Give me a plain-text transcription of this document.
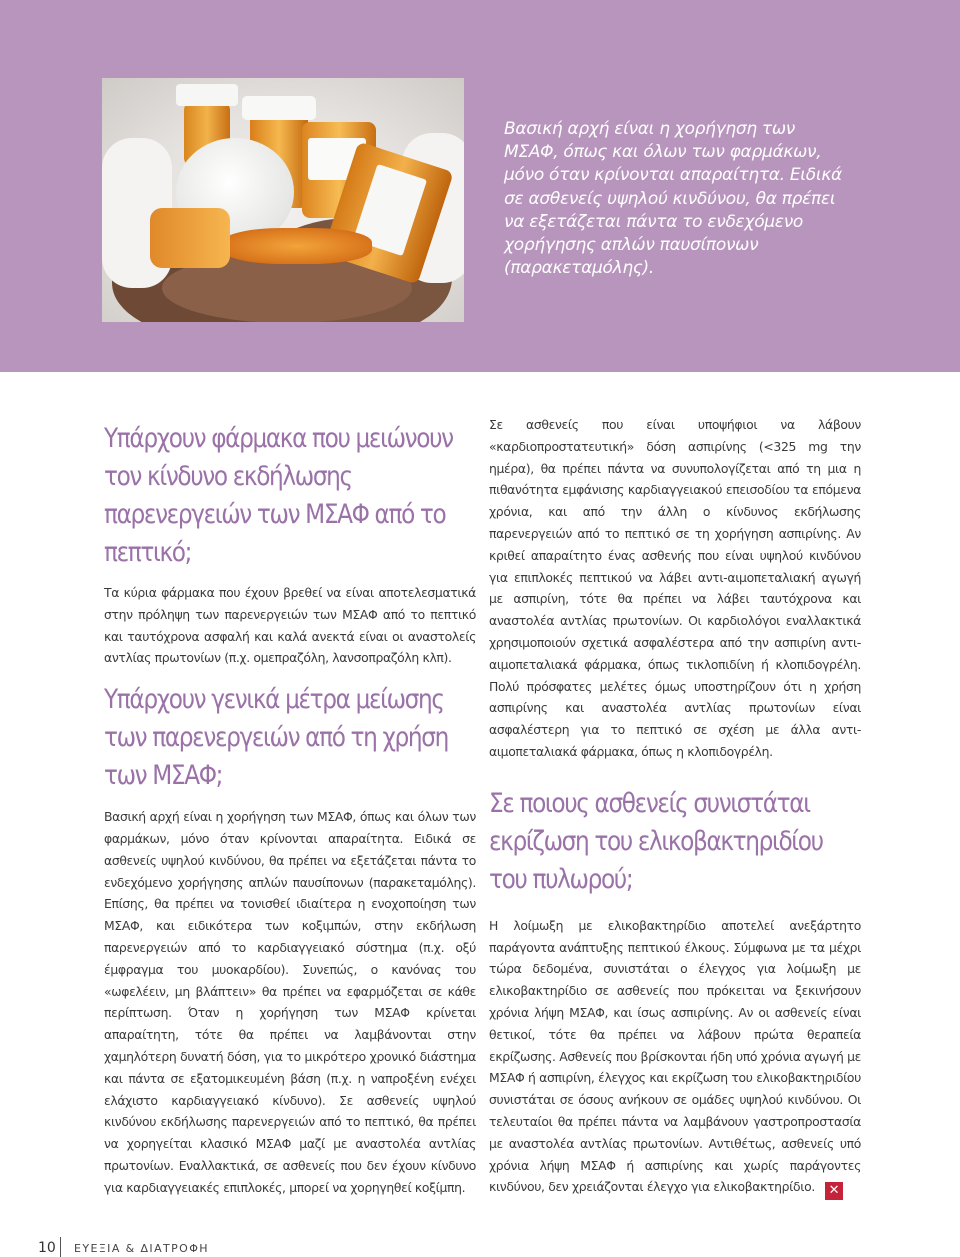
Βασική αρχή είναι η χορήγηση των ΜΣΑΦ, όπως και όλων των φαρμάκων, μόνο όταν κρίνονται απαραίτητα. Ειδικά σε ασθενείς υψηλού κινδύνου, θα πρέπει να εξετάζεται πάντα το ενδεχόμενο χορήγησης απλών παυσίπονων (παρακεταμόλης).

Υπάρχουν φάρμακα που μειώνουν τον κίνδυνο εκδήλωσης παρενεργειών των ΜΣΑΦ από το πεπτικό;

Τα κύρια φάρμακα που έχουν βρεθεί να είναι αποτελεσματικά στην πρόληψη των παρενεργειών των ΜΣΑΦ από το πεπτικό και ταυτόχρονα ασφαλή και καλά ανεκτά είναι οι αναστολείς αντλίας πρωτονίων (π.χ. ομεπραζόλη, λανσοπραζόλη κλπ).

Υπάρχουν γενικά μέτρα μείωσης των παρενεργειών από τη χρήση των ΜΣΑΦ;

Βασική αρχή είναι η χορήγηση των ΜΣΑΦ, όπως και όλων των φαρμάκων, μόνο όταν κρίνονται απαραίτητα. Ειδικά σε ασθενείς υψηλού κινδύνου, θα πρέπει να εξετάζεται πάντα το ενδεχόμενο χορήγησης απλών παυσίπονων (παρακεταμόλης). Επίσης, θα πρέπει να τονισθεί ιδιαίτερα η ενοχοποίηση των ΜΣΑΦ, και ειδικότερα των κοξιμπών, στην εκδήλωση παρενεργειών από το καρδιαγγειακό σύστημα (π.χ. οξύ έμφραγμα του μυοκαρδίου). Συνεπώς, ο κανόνας του «ωφελέειν, μη βλάπτειν» θα πρέπει να εφαρμόζεται σε κάθε περίπτωση. Όταν η χορήγηση των ΜΣΑΦ κρίνεται απαραίτητη, τότε θα πρέπει να λαμβάνονται στην χαμηλότερη δυνατή δόση, για το μικρότερο χρονικό διάστημα και πάντα σε εξατομικευμένη βάση (π.χ. η ναπροξένη ενέχει ελάχιστο καρδιαγγειακό κίνδυνο). Σε ασθενείς υψηλού κινδύνου εκδήλωσης παρενεργειών από το πεπτικό, θα πρέπει να χορηγείται κλασικό ΜΣΑΦ μαζί με αναστολέα αντλίας πρωτονίων. Εναλλακτικά, σε ασθενείς που δεν έχουν κίνδυνο για καρδιαγγειακές επιπλοκές, μπορεί να χορηγηθεί κοξίμπη.

Σε ασθενείς που είναι υποψήφιοι να λάβουν «καρδιοπροστατευτική» δόση ασπιρίνης (<325 mg την ημέρα), θα πρέπει πάντα να συνυπολογίζεται από τη μια η πιθανότητα εμφάνισης καρδιαγγειακού επεισοδίου τα επόμενα χρόνια, και από την άλλη ο κίνδυνος εκδήλωσης παρενεργειών από το πεπτικό σε τη χορήγηση ασπιρίνης. Αν κριθεί απαραίτητο ένας ασθενής που είναι υψηλού κινδύνου για επιπλοκές πεπτικού να λάβει αντι-αιμοπεταλιακή αγωγή με ασπιρίνη, τότε θα πρέπει να λάβει ταυτόχρονα και αναστολέα αντλίας πρωτονίων. Οι καρδιολόγοι εναλλακτικά χρησιμοποιούν σχετικά ασφαλέστερα από την ασπιρίνη αντι-αιμοπεταλιακά φάρμακα, όπως τικλοπιδίνη ή κλοπιδογρέλη. Πολύ πρόσφατες μελέτες όμως υποστηρίζουν ότι η χρήση ασπιρίνης και αναστολέα αντλίας πρωτονίων είναι ασφαλέστερη για το πεπτικό σε σχέση με άλλα αντι-αιμοπεταλιακά φάρμακα, όπως η κλοπιδογρέλη.

Σε ποιους ασθενείς συνιστάται εκρίζωση του ελικοβακτηριδίου του πυλωρού;

Η λοίμωξη με ελικοβακτηρίδιο αποτελεί ανεξάρτητο παράγοντα ανάπτυξης πεπτικού έλκους. Σύμφωνα με τα μέχρι τώρα δεδομένα, συνιστάται ο έλεγχος για λοίμωξη με ελικοβακτηρίδιο σε ασθενείς που πρόκειται να ξεκινήσουν χρόνια λήψη ΜΣΑΦ, και ίσως ασπιρίνης. Αν οι ασθενείς είναι θετικοί, τότε θα πρέπει να λάβουν πρώτα θεραπεία εκρίζωσης. Ασθενείς που βρίσκονται ήδη υπό χρόνια αγωγή με ΜΣΑΦ ή ασπιρίνη, έλεγχος και εκρίζωση του ελικοβακτηριδίου συνιστάται σε όσους ανήκουν σε ομάδες υψηλού κινδύνου. Οι τελευταίοι θα πρέπει πάντα να λαμβάνουν γαστροπροστασία με αναστολέα αντλίας πρωτονίων. Αντιθέτως, ασθενείς υπό χρόνια λήψη ΜΣΑΦ ή ασπιρίνης και χωρίς παράγοντες κινδύνου, δεν χρειάζονται έλεγχο για ελικοβακτηρίδιο. ✕

10 ΕΥΕΞΙΑ & ΔΙΑΤΡΟΦΗ
